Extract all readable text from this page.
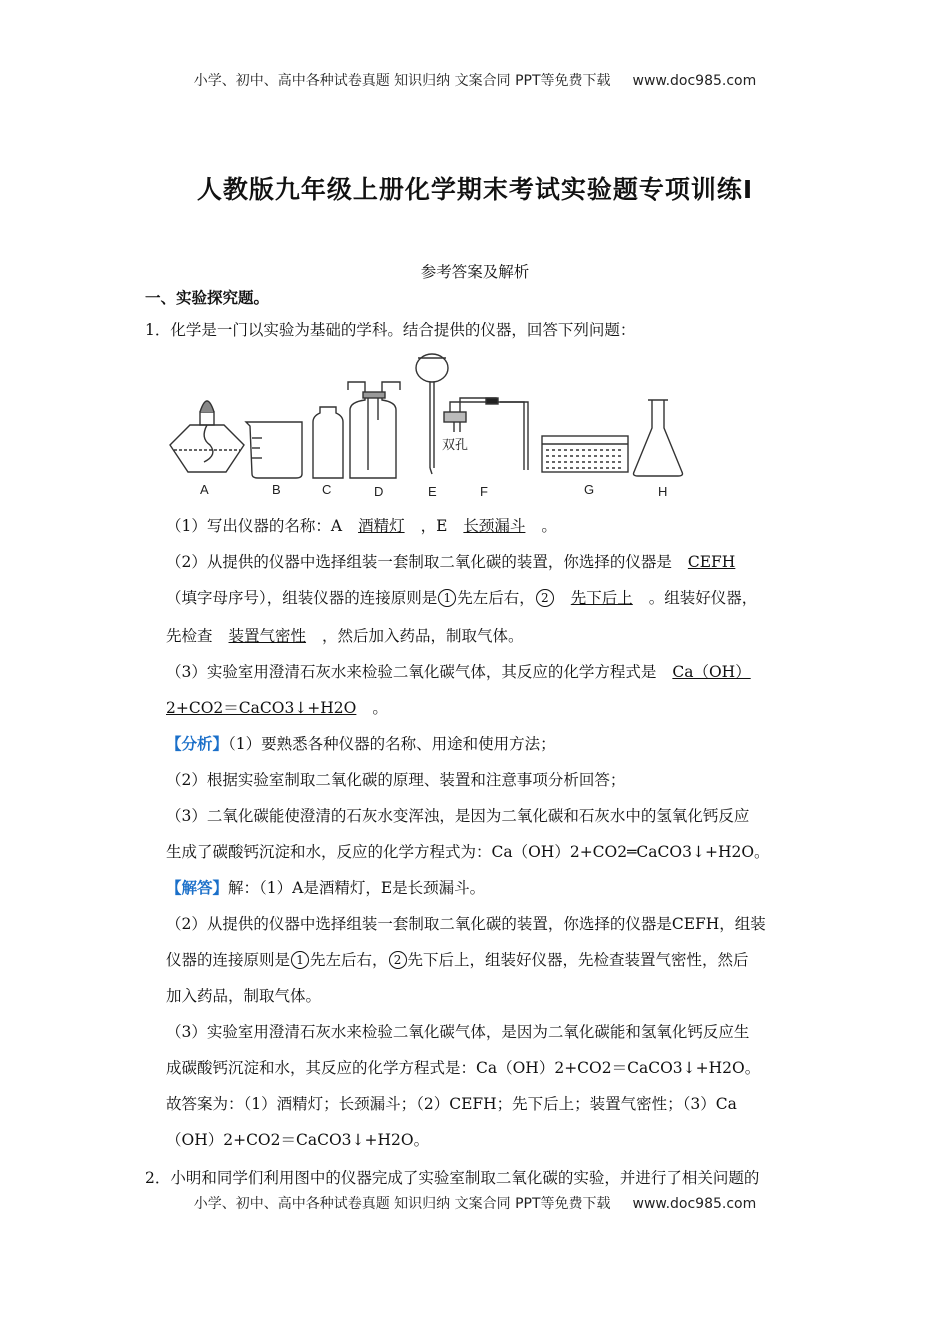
小学、初中、高中各种试卷真题 知识归纳 文案合同 PPT等免费下载 www.doc985.com
人教版九年级上册化学期末考试实验题专项训练Ⅰ
参考答案及解析
一、实验探究题。
1．化学是一门以实验为基础的学科。结合提供的仪器，回答下列问题：
A	B	C	D	E	F	G	H
双孔
（1）写出仪器的名称：A 酒精灯 ，E 长颈漏斗 。
（2）从提供的仪器中选择组装一套制取二氧化碳的装置，你选择的仪器是 CEFH
（填字母序号），组装仪器的连接原则是 1 先左后右， 2 先下后上 。组装好仪器，
先检查 装置气密性 ，然后加入药品，制取气体。
（3）实验室用澄清石灰水来检验二氧化碳气体，其反应的化学方程式是 Ca（OH）
2+CO2＝CaCO3↓+H2O 。
【分析】（1）要熟悉各种仪器的名称、用途和使用方法；
（2）根据实验室制取二氧化碳的原理、装置和注意事项分析回答；
（3）二氧化碳能使澄清的石灰水变浑浊，是因为二氧化碳和石灰水中的氢氧化钙反应
生成了碳酸钙沉淀和水，反应的化学方程式为：Ca（OH）2+CO2═CaCO3↓+H2O。
【解答】解：（1）A是酒精灯，E是长颈漏斗。
（2）从提供的仪器中选择组装一套制取二氧化碳的装置，你选择的仪器是CEFH，组装
仪器的连接原则是 1 先左后右， 2 先下后上，组装好仪器，先检查装置气密性，然后
加入药品，制取气体。
（3）实验室用澄清石灰水来检验二氧化碳气体，是因为二氧化碳能和氢氧化钙反应生
成碳酸钙沉淀和水，其反应的化学方程式是：Ca（OH）2+CO2＝CaCO3↓+H2O。
故答案为：（1）酒精灯；长颈漏斗；（2）CEFH；先下后上；装置气密性；（3）Ca
（OH）2+CO2＝CaCO3↓+H2O。
2．小明和同学们利用图中的仪器完成了实验室制取二氧化碳的实验，并进行了相关问题的
小学、初中、高中各种试卷真题 知识归纳 文案合同 PPT等免费下载 www.doc985.com
